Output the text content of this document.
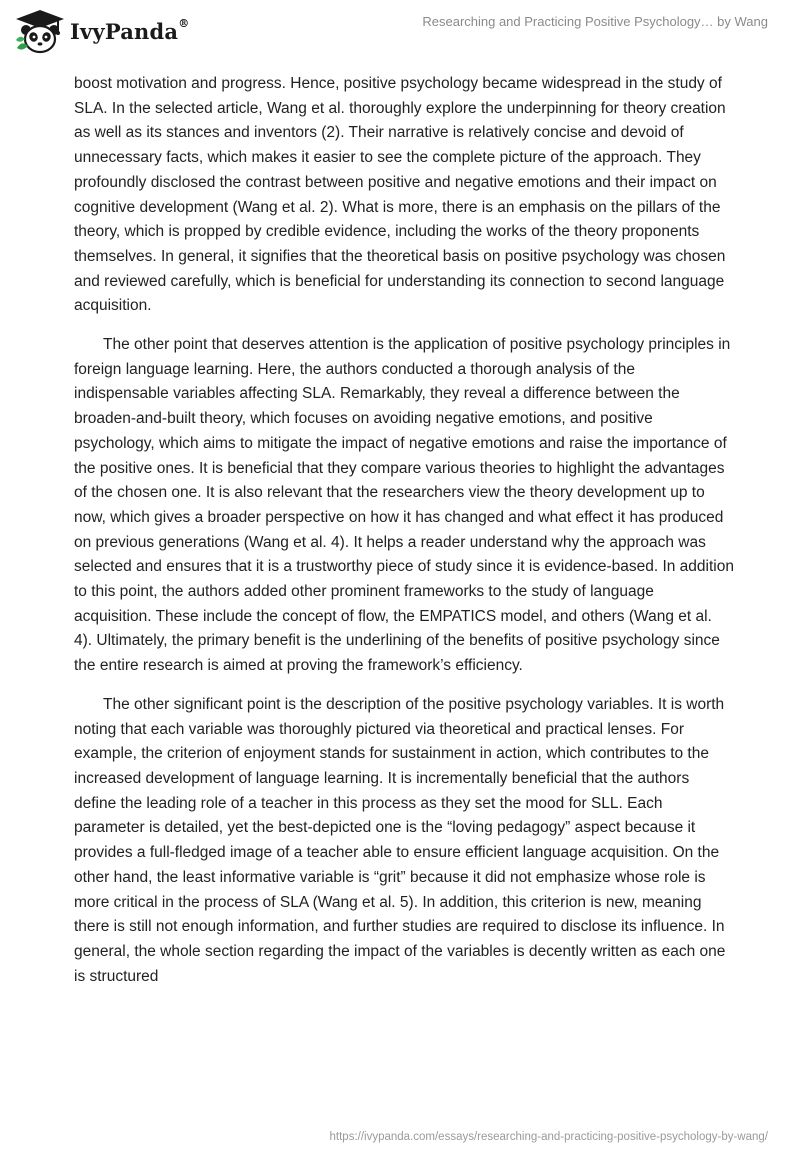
IvyPanda®	Researching and Practicing Positive Psychology… by Wang

boost motivation and progress. Hence, positive psychology became widespread in the study of SLA. In the selected article, Wang et al. thoroughly explore the underpinning for theory creation as well as its stances and inventors (2). Their narrative is relatively concise and devoid of unnecessary facts, which makes it easier to see the complete picture of the approach. They profoundly disclosed the contrast between positive and negative emotions and their impact on cognitive development (Wang et al. 2). What is more, there is an emphasis on the pillars of the theory, which is propped by credible evidence, including the works of the theory proponents themselves. In general, it signifies that the theoretical basis on positive psychology was chosen and reviewed carefully, which is beneficial for understanding its connection to second language acquisition.

The other point that deserves attention is the application of positive psychology principles in foreign language learning. Here, the authors conducted a thorough analysis of the indispensable variables affecting SLA. Remarkably, they reveal a difference between the broaden-and-built theory, which focuses on avoiding negative emotions, and positive psychology, which aims to mitigate the impact of negative emotions and raise the importance of the positive ones. It is beneficial that they compare various theories to highlight the advantages of the chosen one. It is also relevant that the researchers view the theory development up to now, which gives a broader perspective on how it has changed and what effect it has produced on previous generations (Wang et al. 4). It helps a reader understand why the approach was selected and ensures that it is a trustworthy piece of study since it is evidence-based. In addition to this point, the authors added other prominent frameworks to the study of language acquisition. These include the concept of flow, the EMPATICS model, and others (Wang et al. 4). Ultimately, the primary benefit is the underlining of the benefits of positive psychology since the entire research is aimed at proving the framework’s efficiency.

The other significant point is the description of the positive psychology variables. It is worth noting that each variable was thoroughly pictured via theoretical and practical lenses. For example, the criterion of enjoyment stands for sustainment in action, which contributes to the increased development of language learning. It is incrementally beneficial that the authors define the leading role of a teacher in this process as they set the mood for SLL. Each parameter is detailed, yet the best-depicted one is the “loving pedagogy” aspect because it provides a full-fledged image of a teacher able to ensure efficient language acquisition. On the other hand, the least informative variable is “grit” because it did not emphasize whose role is more critical in the process of SLA (Wang et al. 5). In addition, this criterion is new, meaning there is still not enough information, and further studies are required to disclose its influence. In general, the whole section regarding the impact of the variables is decently written as each one is structured

https://ivypanda.com/essays/researching-and-practicing-positive-psychology-by-wang/
